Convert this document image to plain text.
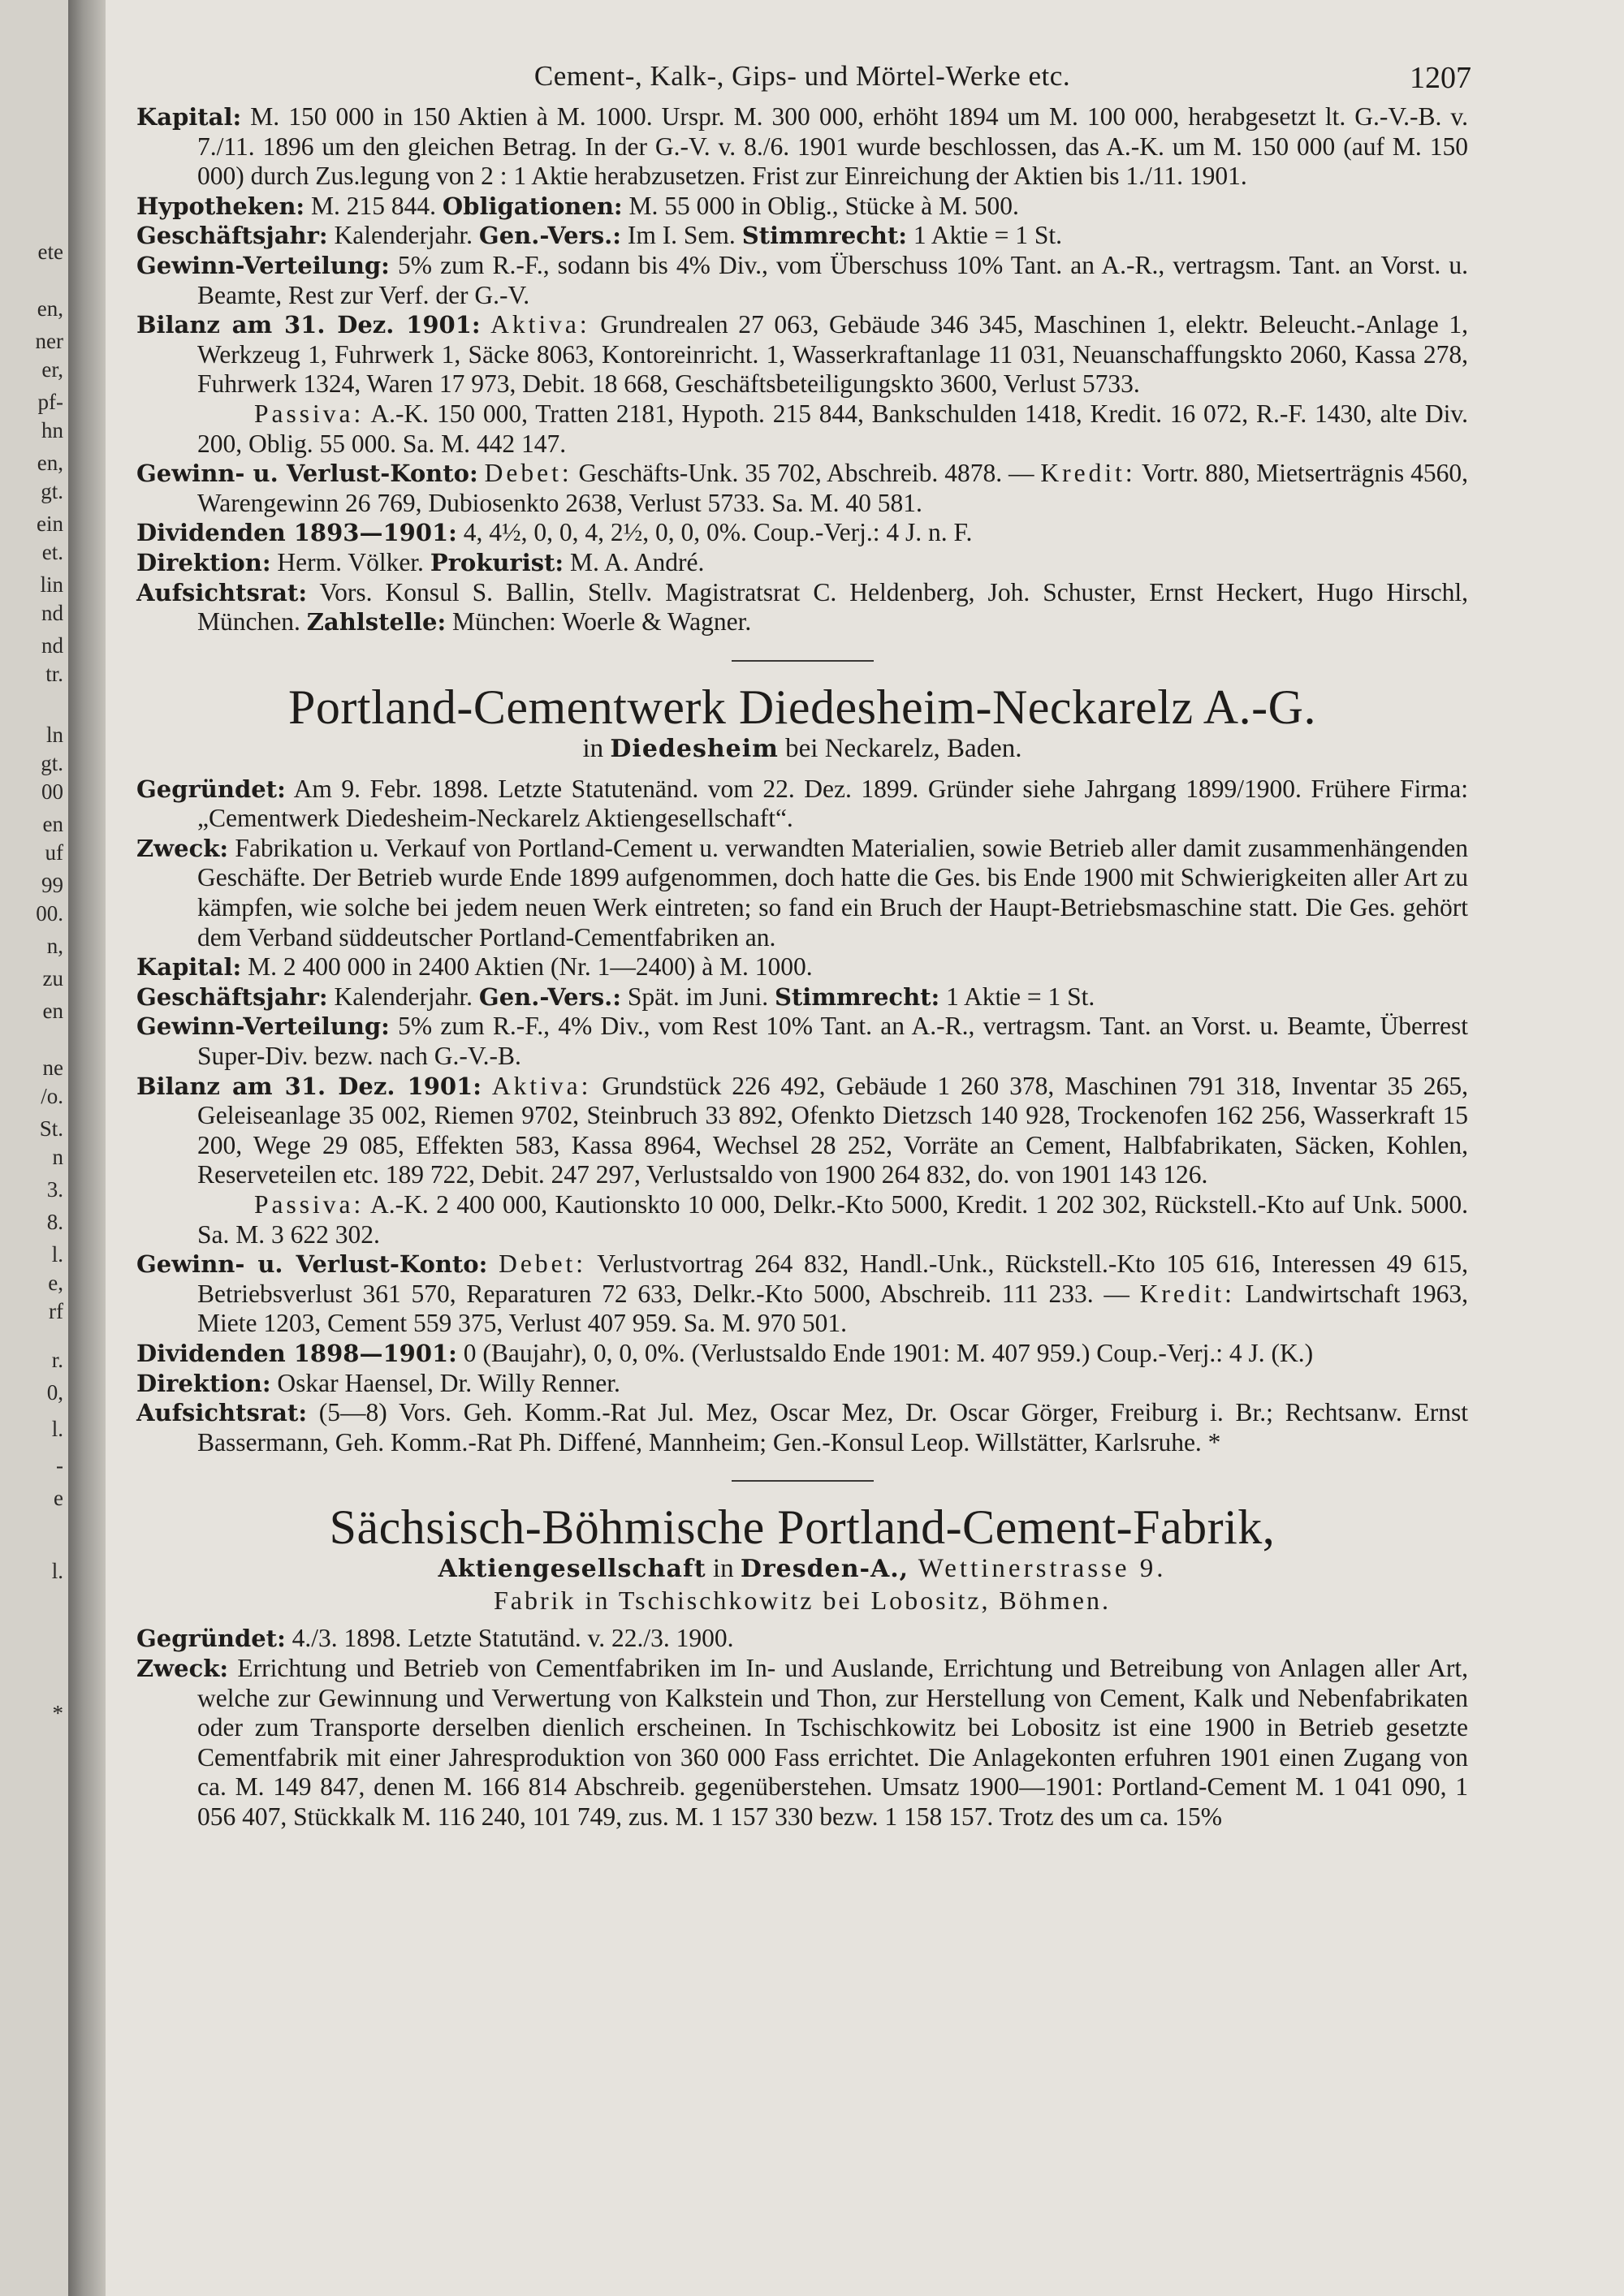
ete
en,
ner
er,
pf-
hn
en,
gt.
ein
et.
lin
nd
nd
tr.
ln
gt.
00
en
uf
99
00.
n,
zu
en
ne
/o.
St.
n
3.
8.
l.
e,
rf
r.
0,
l.
-
e
l.
*
Cement-, Kalk-, Gips- und Mörtel-Werke etc.	1207

Kapital: M. 150 000 in 150 Aktien à M. 1000. Urspr. M. 300 000, erhöht 1894 um M. 100 000, herabgesetzt lt. G.-V.-B. v. 7./11. 1896 um den gleichen Betrag. In der G.-V. v. 8./6. 1901 wurde beschlossen, das A.-K. um M. 150 000 (auf M. 150 000) durch Zus.legung von 2 : 1 Aktie herabzusetzen. Frist zur Einreichung der Aktien bis 1./11. 1901.

Hypotheken: M. 215 844. Obligationen: M. 55 000 in Oblig., Stücke à M. 500.

Geschäftsjahr: Kalenderjahr. Gen.-Vers.: Im I. Sem. Stimmrecht: 1 Aktie = 1 St.

Gewinn-Verteilung: 5% zum R.-F., sodann bis 4% Div., vom Überschuss 10% Tant. an A.-R., vertragsm. Tant. an Vorst. u. Beamte, Rest zur Verf. der G.-V.

Bilanz am 31. Dez. 1901: Aktiva: Grundrealen 27 063, Gebäude 346 345, Maschinen 1, elektr. Beleucht.-Anlage 1, Werkzeug 1, Fuhrwerk 1, Säcke 8063, Kontoreinricht. 1, Wasserkraftanlage 11 031, Neuanschaffungskto 2060, Kassa 278, Fuhrwerk 1324, Waren 17 973, Debit. 18 668, Geschäftsbeteiligungskto 3600, Verlust 5733.

Passiva: A.-K. 150 000, Tratten 2181, Hypoth. 215 844, Bankschulden 1418, Kredit. 16 072, R.-F. 1430, alte Div. 200, Oblig. 55 000. Sa. M. 442 147.

Gewinn- u. Verlust-Konto: Debet: Geschäfts-Unk. 35 702, Abschreib. 4878. — Kredit: Vortr. 880, Mietserträgnis 4560, Warengewinn 26 769, Dubiosenkto 2638, Verlust 5733. Sa. M. 40 581.

Dividenden 1893—1901: 4, 4½, 0, 0, 4, 2½, 0, 0, 0%. Coup.-Verj.: 4 J. n. F.

Direktion: Herm. Völker. Prokurist: M. A. André.

Aufsichtsrat: Vors. Konsul S. Ballin, Stellv. Magistratsrat C. Heldenberg, Joh. Schuster, Ernst Heckert, Hugo Hirschl, München. Zahlstelle: München: Woerle & Wagner.

Portland-Cementwerk Diedesheim-Neckarelz A.-G.

in Diedesheim bei Neckarelz, Baden.

Gegründet: Am 9. Febr. 1898. Letzte Statutenänd. vom 22. Dez. 1899. Gründer siehe Jahrgang 1899/1900. Frühere Firma: „Cementwerk Diedesheim-Neckarelz Aktiengesellschaft“.

Zweck: Fabrikation u. Verkauf von Portland-Cement u. verwandten Materialien, sowie Betrieb aller damit zusammenhängenden Geschäfte. Der Betrieb wurde Ende 1899 aufgenommen, doch hatte die Ges. bis Ende 1900 mit Schwierigkeiten aller Art zu kämpfen, wie solche bei jedem neuen Werk eintreten; so fand ein Bruch der Haupt-Betriebsmaschine statt. Die Ges. gehört dem Verband süddeutscher Portland-Cementfabriken an.

Kapital: M. 2 400 000 in 2400 Aktien (Nr. 1—2400) à M. 1000.

Geschäftsjahr: Kalenderjahr. Gen.-Vers.: Spät. im Juni. Stimmrecht: 1 Aktie = 1 St.

Gewinn-Verteilung: 5% zum R.-F., 4% Div., vom Rest 10% Tant. an A.-R., vertragsm. Tant. an Vorst. u. Beamte, Überrest Super-Div. bezw. nach G.-V.-B.

Bilanz am 31. Dez. 1901: Aktiva: Grundstück 226 492, Gebäude 1 260 378, Maschinen 791 318, Inventar 35 265, Geleiseanlage 35 002, Riemen 9702, Steinbruch 33 892, Ofenkto Dietzsch 140 928, Trockenofen 162 256, Wasserkraft 15 200, Wege 29 085, Effekten 583, Kassa 8964, Wechsel 28 252, Vorräte an Cement, Halbfabrikaten, Säcken, Kohlen, Reserveteilen etc. 189 722, Debit. 247 297, Verlustsaldo von 1900 264 832, do. von 1901 143 126.

Passiva: A.-K. 2 400 000, Kautionskto 10 000, Delkr.-Kto 5000, Kredit. 1 202 302, Rückstell.-Kto auf Unk. 5000. Sa. M. 3 622 302.

Gewinn- u. Verlust-Konto: Debet: Verlustvortrag 264 832, Handl.-Unk., Rückstell.-Kto 105 616, Interessen 49 615, Betriebsverlust 361 570, Reparaturen 72 633, Delkr.-Kto 5000, Abschreib. 111 233. — Kredit: Landwirtschaft 1963, Miete 1203, Cement 559 375, Verlust 407 959. Sa. M. 970 501.

Dividenden 1898—1901: 0 (Baujahr), 0, 0, 0%. (Verlustsaldo Ende 1901: M. 407 959.) Coup.-Verj.: 4 J. (K.)

Direktion: Oskar Haensel, Dr. Willy Renner.

Aufsichtsrat: (5—8) Vors. Geh. Komm.-Rat Jul. Mez, Oscar Mez, Dr. Oscar Görger, Freiburg i. Br.; Rechtsanw. Ernst Bassermann, Geh. Komm.-Rat Ph. Diffené, Mannheim; Gen.-Konsul Leop. Willstätter, Karlsruhe. *

Sächsisch-Böhmische Portland-Cement-Fabrik,

Aktiengesellschaft in Dresden-A., Wettinerstrasse 9.

Fabrik in Tschischkowitz bei Lobositz, Böhmen.

Gegründet: 4./3. 1898. Letzte Statutänd. v. 22./3. 1900.

Zweck: Errichtung und Betrieb von Cementfabriken im In- und Auslande, Errichtung und Betreibung von Anlagen aller Art, welche zur Gewinnung und Verwertung von Kalkstein und Thon, zur Herstellung von Cement, Kalk und Nebenfabrikaten oder zum Transporte derselben dienlich erscheinen. In Tschischkowitz bei Lobositz ist eine 1900 in Betrieb gesetzte Cementfabrik mit einer Jahresproduktion von 360 000 Fass errichtet. Die Anlagekonten erfuhren 1901 einen Zugang von ca. M. 149 847, denen M. 166 814 Abschreib. gegenüberstehen. Umsatz 1900—1901: Portland-Cement M. 1 041 090, 1 056 407, Stückkalk M. 116 240, 101 749, zus. M. 1 157 330 bezw. 1 158 157. Trotz des um ca. 15%
